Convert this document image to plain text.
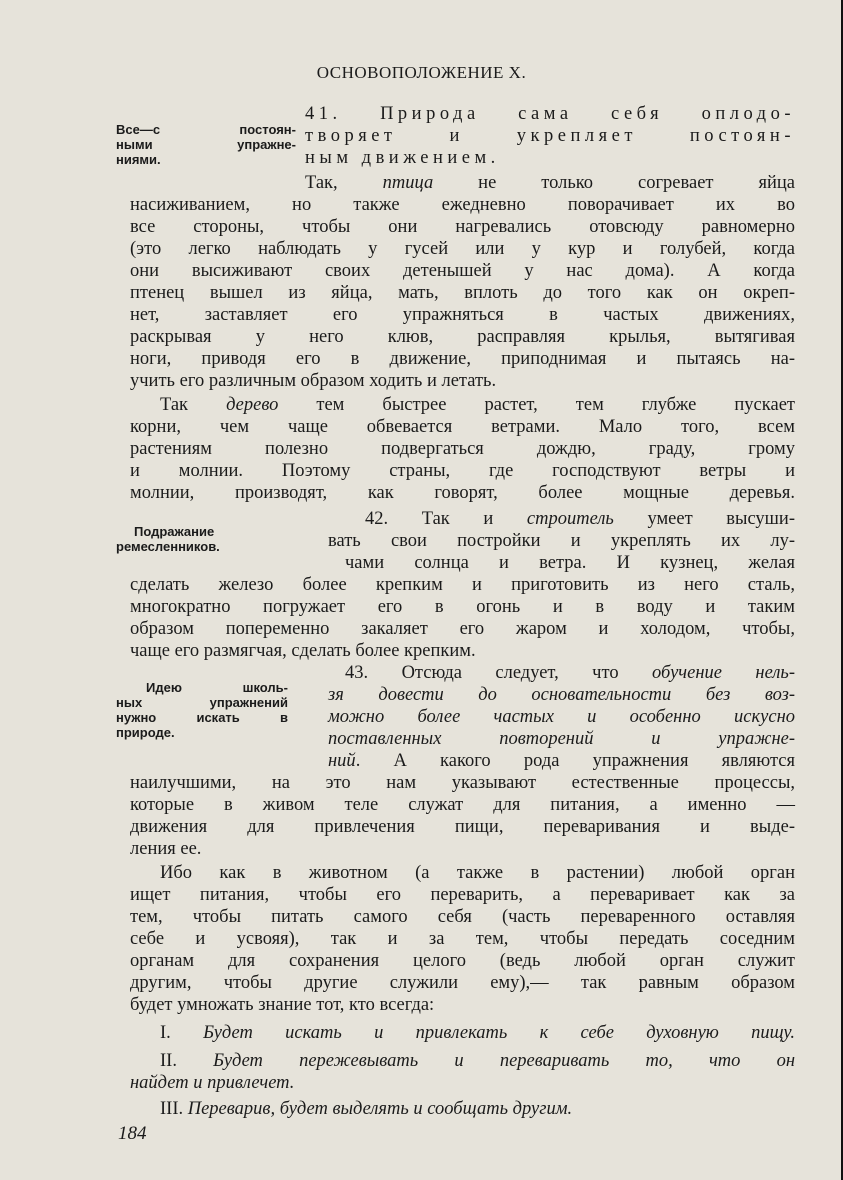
ОСНОВОПОЛОЖЕНИЕ X.
Все—с постоян-
ными упражне-
ниями.
41. Природа сама себя оплодо-
творяет и укрепляет постоян-
ным движением.
Так, птица не только согревает яйца
насиживанием, но также ежедневно поворачивает их во
все стороны, чтобы они нагревались отовсюду равномерно
(это легко наблюдать у гусей или у кур и голубей, когда
они высиживают своих детенышей у нас дома). А когда
птенец вышел из яйца, мать, вплоть до того как он окреп-
нет, заставляет его упражняться в частых движениях,
раскрывая у него клюв, расправляя крылья, вытягивая
ноги, приводя его в движение, приподнимая и пытаясь на-
учить его различным образом ходить и летать.
Так дерево тем быстрее растет, тем глубже пускает
корни, чем чаще обвевается ветрами. Мало того, всем
растениям полезно подвергаться дождю, граду, грому
и молнии. Поэтому страны, где господствуют ветры и
молнии, производят, как говорят, более мощные деревья.
Подражание
ремесленников.
42. Так и строитель умеет высуши-
вать свои постройки и укреплять их лу-
чами солнца и ветра. И кузнец, желая
сделать железо более крепким и приготовить из него сталь,
многократно погружает его в огонь и в воду и таким
образом попеременно закаляет его жаром и холодом, чтобы,
чаще его размягчая, сделать более крепким.
Идею школь-
ных упражнений
нужно искать в
природе.
43. Отсюда следует, что обучение нель-
зя довести до основательности без воз-
можно более частых и особенно искусно
поставленных повторений и упражне-
ний. А какого рода упражнения являются
наилучшими, на это нам указывают естественные процессы,
которые в живом теле служат для питания, а именно —
движения для привлечения пищи, переваривания и выде-
ления ее.
Ибо как в животном (а также в растении) любой орган
ищет питания, чтобы его переварить, а переваривает как за
тем, чтобы питать самого себя (часть переваренного оставляя
себе и усвояя), так и за тем, чтобы передать соседним
органам для сохранения целого (ведь любой орган служит
другим, чтобы другие служили ему),— так равным образом
будет умножать знание тот, кто всегда:
I. Будет искать и привлекать к себе духовную пищу.
II. Будет пережевывать и переваривать то, что он
найдет и привлечет.
III. Переварив, будет выделять и сообщать другим.
184
